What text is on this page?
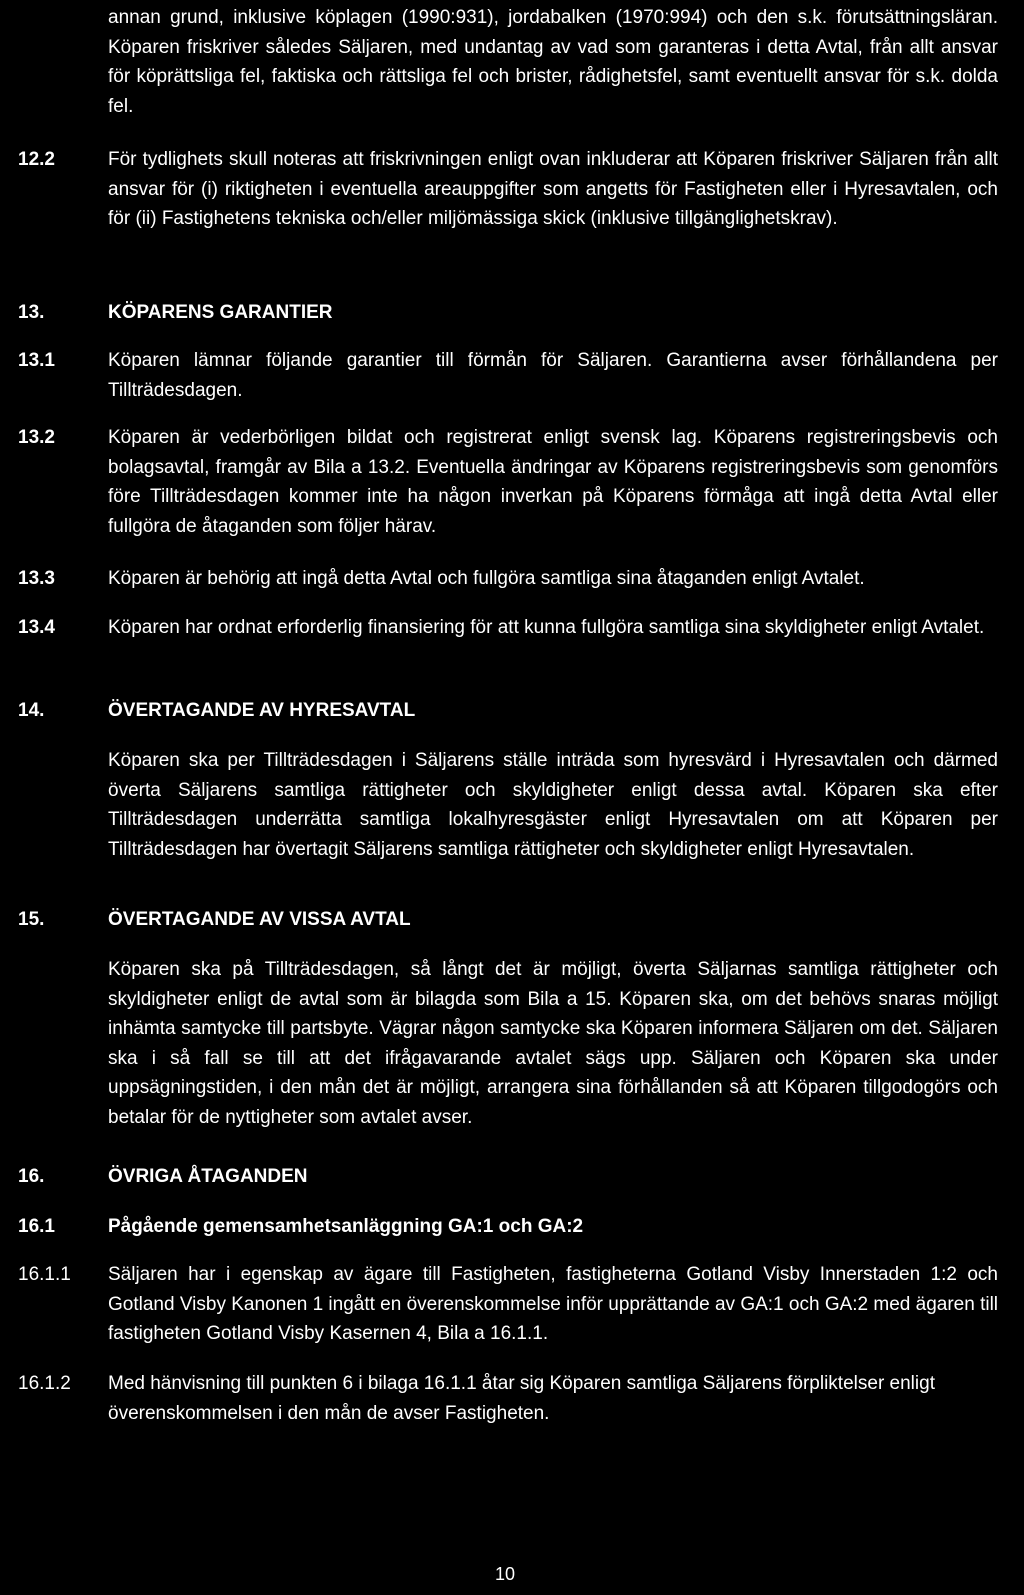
annan grund, inklusive köplagen (1990:931), jordabalken (1970:994) och den s.k. förutsättningsläran. Köparen friskriver således Säljaren, med undantag av vad som garanteras i detta Avtal, från allt ansvar för köprättsliga fel, faktiska och rättsliga fel och brister, rådighetsfel, samt eventuellt ansvar för s.k. dolda fel.
12.2	För tydlighets skull noteras att friskrivningen enligt ovan inkluderar att Köparen friskriver Säljaren från allt ansvar för (i) riktigheten i eventuella areauppgifter som angetts för Fastigheten eller i Hyresavtalen, och för (ii) Fastighetens tekniska och/eller miljömässiga skick (inklusive tillgänglighetskrav).
13.	KÖPARENS GARANTIER
13.1	Köparen lämnar följande garantier till förmån för Säljaren. Garantierna avser förhållandena per Tillträdesdagen.
13.2	Köparen är vederbörligen bildat och registrerat enligt svensk lag. Köparens registreringsbevis och bolagsavtal, framgår av Bila a 13.2. Eventuella ändringar av Köparens registreringsbevis som genomförs före Tillträdesdagen kommer inte ha någon inverkan på Köparens förmåga att ingå detta Avtal eller fullgöra de åtaganden som följer härav.
13.3	Köparen är behörig att ingå detta Avtal och fullgöra samtliga sina åtaganden enligt Avtalet.
13.4	Köparen har ordnat erforderlig finansiering för att kunna fullgöra samtliga sina skyldigheter enligt Avtalet.
14.	ÖVERTAGANDE AV HYRESAVTAL
Köparen ska per Tillträdesdagen i Säljarens ställe inträda som hyresvärd i Hyresavtalen och därmed överta Säljarens samtliga rättigheter och skyldigheter enligt dessa avtal. Köparen ska efter Tillträdesdagen underrätta samtliga lokalhyresgäster enligt Hyresavtalen om att Köparen per Tillträdesdagen har övertagit Säljarens samtliga rättigheter och skyldigheter enligt Hyresavtalen.
15.	ÖVERTAGANDE AV VISSA AVTAL
Köparen ska på Tillträdesdagen, så långt det är möjligt, överta Säljarnas samtliga rättigheter och skyldigheter enligt de avtal som är bilagda som Bila a 15. Köparen ska, om det behövs snaras möjligt inhämta samtycke till partsbyte. Vägrar någon samtycke ska Köparen informera Säljaren om det. Säljaren ska i så fall se till att det ifrågavarande avtalet sägs upp. Säljaren och Köparen ska under uppsägningstiden, i den mån det är möjligt, arrangera sina förhållanden så att Köparen tillgodogörs och betalar för de nyttigheter som avtalet avser.
16.	ÖVRIGA ÅTAGANDEN
16.1	Pågående gemensamhetsanläggning GA:1 och GA:2
16.1.1 Säljaren har i egenskap av ägare till Fastigheten, fastigheterna Gotland Visby Innerstaden 1:2 och Gotland Visby Kanonen 1 ingått en överenskommelse inför upprättande av GA:1 och GA:2 med ägaren till fastigheten Gotland Visby Kasernen 4, Bila a 16.1.1.
16.1.2 Med hänvisning till punkten 6 i bilaga 16.1.1 åtar sig Köparen samtliga Säljarens förpliktelser enligt överenskommelsen i den mån de avser Fastigheten.
10
